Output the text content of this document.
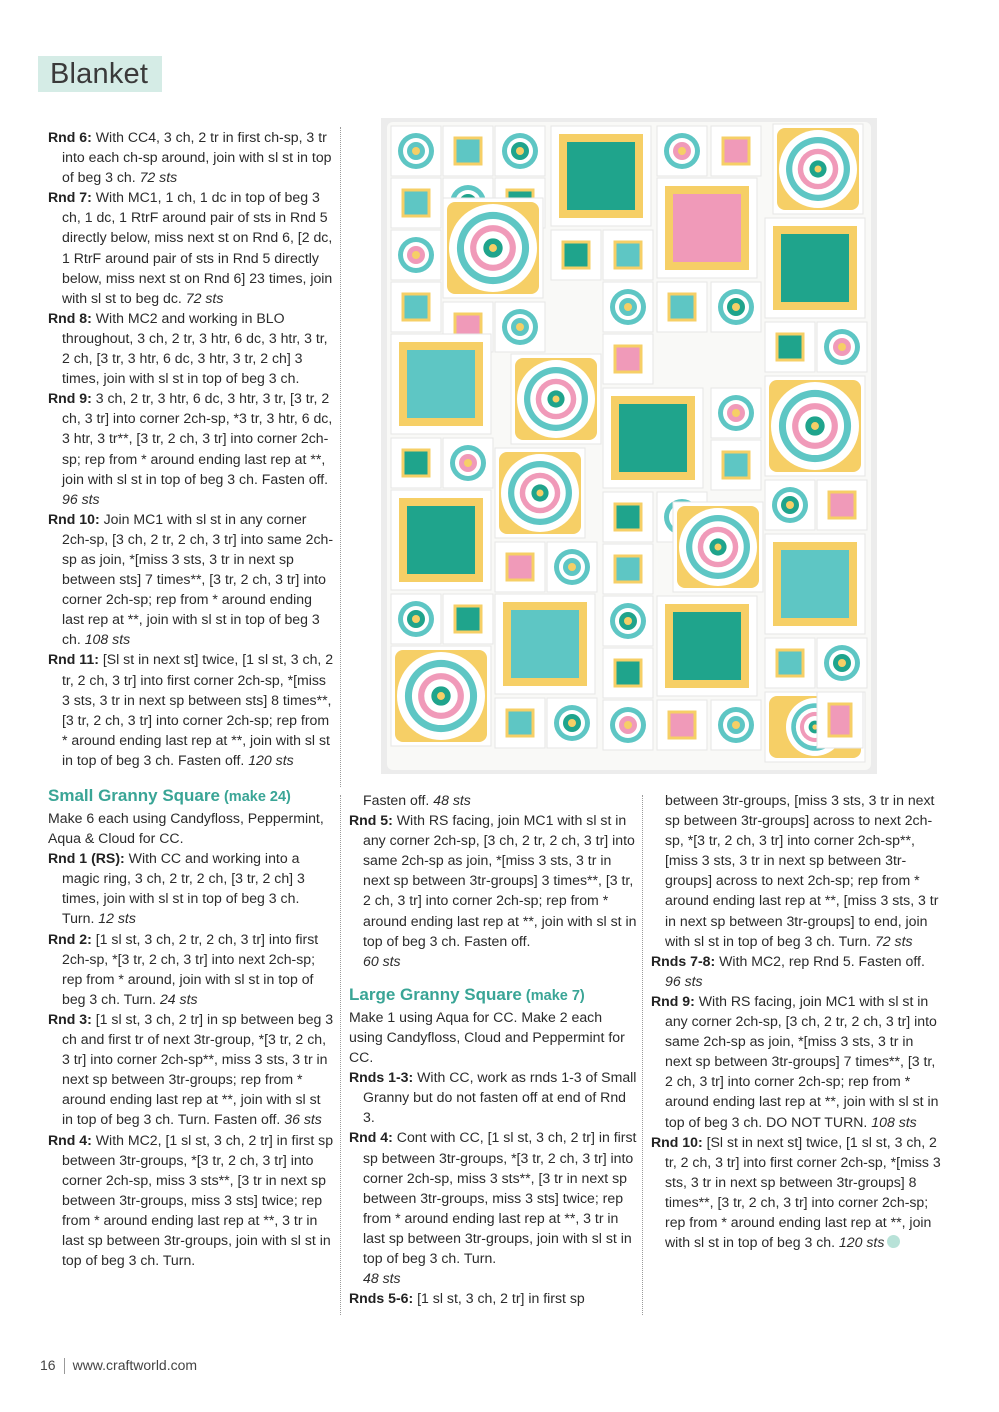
Blanket

Rnd 6: With CC4, 3 ch, 2 tr in first ch-sp, 3 tr into each ch-sp around, join with sl st in top of beg 3 ch. 72 sts

Rnd 7: With MC1, 1 ch, 1 dc in top of beg 3 ch, 1 dc, 1 RtrF around pair of sts in Rnd 5 directly below, miss next st on Rnd 6, [2 dc, 1 RtrF around pair of sts in Rnd 5 directly below, miss next st on Rnd 6] 23 times, join with sl st to beg dc. 72 sts

Rnd 8: With MC2 and working in BLO throughout, 3 ch, 2 tr, 3 htr, 6 dc, 3 htr, 3 tr, 2 ch, [3 tr, 3 htr, 6 dc, 3 htr, 3 tr, 2 ch] 3 times, join with sl st in top of beg 3 ch.

Rnd 9: 3 ch, 2 tr, 3 htr, 6 dc, 3 htr, 3 tr, [3 tr, 2 ch, 3 tr] into corner 2ch-sp, *3 tr, 3 htr, 6 dc, 3 htr, 3 tr**, [3 tr, 2 ch, 3 tr] into corner 2ch-sp; rep from * around ending last rep at **, join with sl st in top of beg 3 ch. Fasten off. 96 sts

Rnd 10: Join MC1 with sl st in any corner 2ch-sp, [3 ch, 2 tr, 2 ch, 3 tr] into same 2ch-sp as join, *[miss 3 sts, 3 tr in next sp between sts] 7 times**, [3 tr, 2 ch, 3 tr] into corner 2ch-sp; rep from * around ending last rep at **, join with sl st in top of beg 3 ch. 108 sts

Rnd 11: [Sl st in next st] twice, [1 sl st, 3 ch, 2 tr, 2 ch, 3 tr] into first corner 2ch-sp, *[miss 3 sts, 3 tr in next sp between sts] 8 times**, [3 tr, 2 ch, 3 tr] into corner 2ch-sp; rep from * around ending last rep at **, join with sl st in top of beg 3 ch. Fasten off. 120 sts

Small Granny Square (make 24)

Make 6 each using Candyfloss, Peppermint, Aqua & Cloud for CC.

Rnd 1 (RS): With CC and working into a magic ring, 3 ch, 2 tr, 2 ch, [3 tr, 2 ch] 3 times, join with sl st in top of beg 3 ch. Turn. 12 sts

Rnd 2: [1 sl st, 3 ch, 2 tr, 2 ch, 3 tr] into first 2ch-sp, *[3 tr, 2 ch, 3 tr] into next 2ch-sp; rep from * around, join with sl st in top of beg 3 ch. Turn. 24 sts

Rnd 3: [1 sl st, 3 ch, 2 tr] in sp between beg 3 ch and first tr of next 3tr-group, *[3 tr, 2 ch, 3 tr] into corner 2ch-sp**, miss 3 sts, 3 tr in next sp between 3tr-groups; rep from * around ending last rep at **, join with sl st in top of beg 3 ch. Turn. Fasten off. 36 sts

Rnd 4: With MC2, [1 sl st, 3 ch, 2 tr] in first sp between 3tr-groups, *[3 tr, 2 ch, 3 tr] into corner 2ch-sp, miss 3 sts**, [3 tr in next sp between 3tr-groups, miss 3 sts] twice; rep from * around ending last rep at **, 3 tr in last sp between 3tr-groups, join with sl st in top of beg 3 ch. Turn.

Fasten off. 48 sts

Rnd 5: With RS facing, join MC1 with sl st in any corner 2ch-sp, [3 ch, 2 tr, 2 ch, 3 tr] into same 2ch-sp as join, *[miss 3 sts, 3 tr in next sp between 3tr-groups] 3 times**, [3 tr, 2 ch, 3 tr] into corner 2ch-sp; rep from * around ending last rep at **, join with sl st in top of beg 3 ch. Fasten off.
60 sts

Large Granny Square (make 7)

Make 1 using Aqua for CC. Make 2 each using Candyfloss, Cloud and Peppermint for CC.

Rnds 1-3: With CC, work as rnds 1-3 of Small Granny but do not fasten off at end of Rnd 3.

Rnd 4: Cont with CC, [1 sl st, 3 ch, 2 tr] in first sp between 3tr-groups, *[3 tr, 2 ch, 3 tr] into corner 2ch-sp, miss 3 sts**, [3 tr in next sp between 3tr-groups, miss 3 sts] twice; rep from * around ending last rep at **, 3 tr in last sp between 3tr-groups, join with sl st in top of beg 3 ch. Turn.
48 sts

Rnds 5-6: [1 sl st, 3 ch, 2 tr] in first sp

between 3tr-groups, [miss 3 sts, 3 tr in next sp between 3tr-groups] across to next 2ch-sp, *[3 tr, 2 ch, 3 tr] into corner 2ch-sp**, [miss 3 sts, 3 tr in next sp between 3tr-groups] across to next 2ch-sp; rep from * around ending last rep at **, [miss 3 sts, 3 tr in next sp between 3tr-groups] to end, join with sl st in top of beg 3 ch. Turn. 72 sts

Rnds 7-8: With MC2, rep Rnd 5. Fasten off.
96 sts

Rnd 9: With RS facing, join MC1 with sl st in any corner 2ch-sp, [3 ch, 2 tr, 2 ch, 3 tr] into same 2ch-sp as join, *[miss 3 sts, 3 tr in next sp between 3tr-groups] 7 times**, [3 tr, 2 ch, 3 tr] into corner 2ch-sp; rep from * around ending last rep at **, join with sl st in top of beg 3 ch. DO NOT TURN. 108 sts

Rnd 10: [Sl st in next st] twice, [1 sl st, 3 ch, 2 tr, 2 ch, 3 tr] into first corner 2ch-sp, *[miss 3 sts, 3 tr in next sp between 3tr-groups] 8 times**, [3 tr, 2 ch, 3 tr] into corner 2ch-sp; rep from * around ending last rep at **, join with sl st in top of beg 3 ch. 120 sts

16 www.craftworld.com
